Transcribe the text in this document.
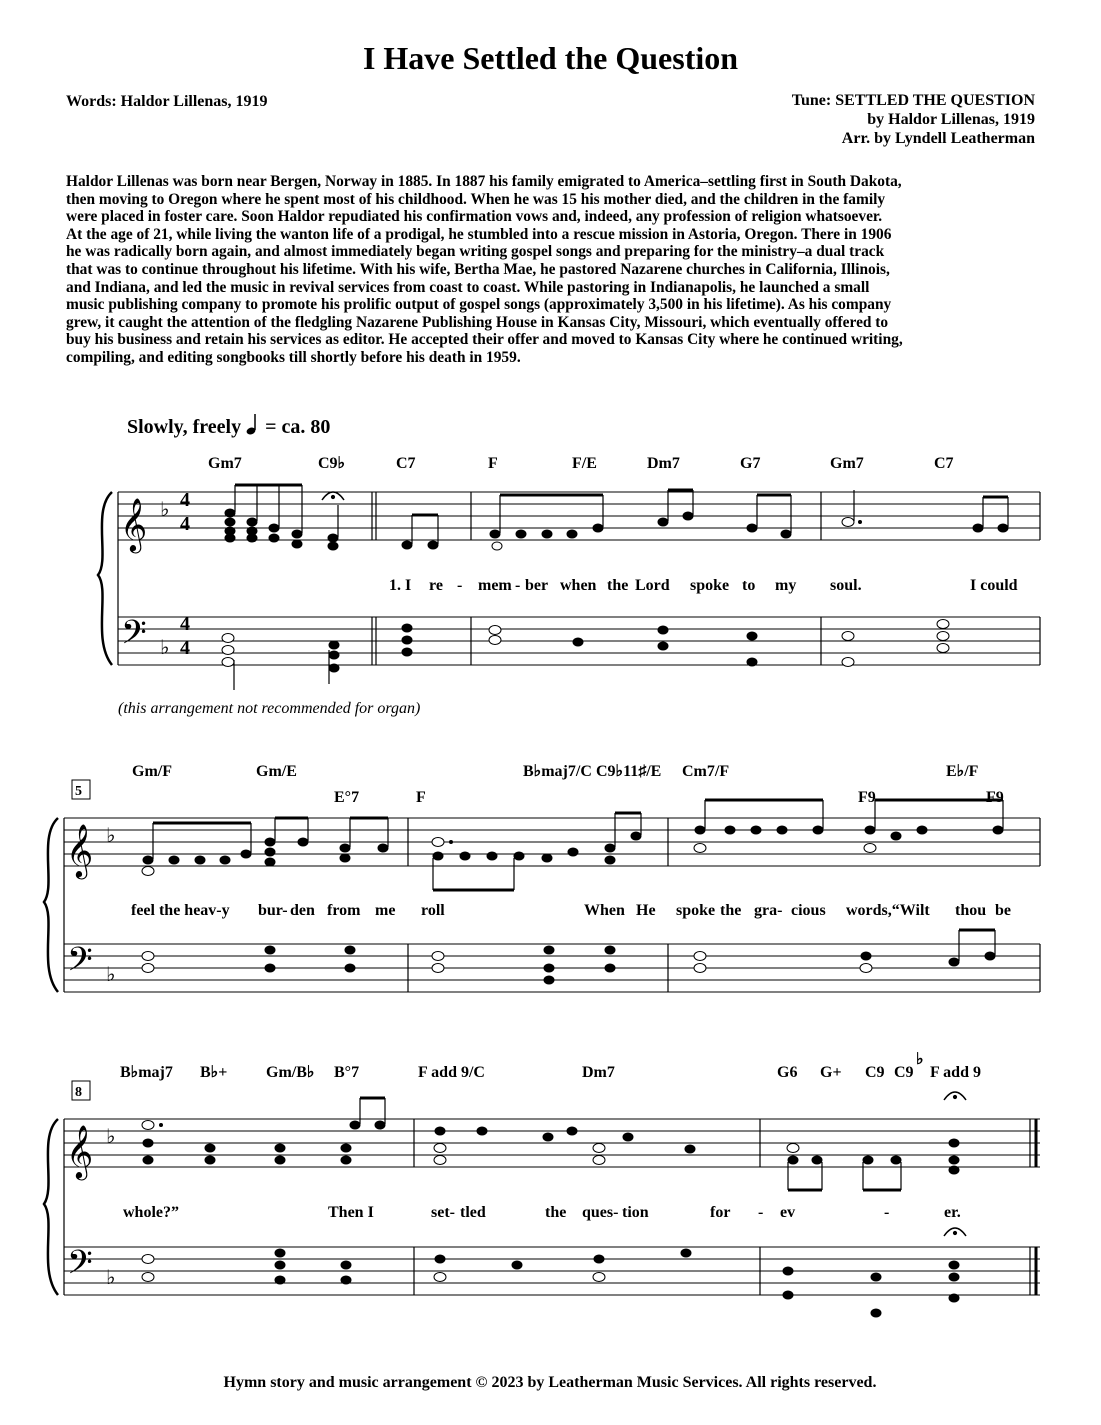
I Have Settled the Question
Words: Haldor Lillenas, 1919	Tune: SETTLED THE QUESTION
by Haldor Lillenas, 1919
Arr. by Lyndell Leatherman

Haldor Lillenas was born near Bergen, Norway in 1885. In 1887 his family emigrated to America–settling first in South Dakota,

then moving to Oregon where he spent most of his childhood. When he was 15 his mother died, and the children in the family

were placed in foster care. Soon Haldor repudiated his confirmation vows and, indeed, any profession of religion whatsoever.

At the age of 21, while living the wanton life of a prodigal, he stumbled into a rescue mission in Astoria, Oregon. There in 1906

he was radically born again, and almost immediately began writing gospel songs and preparing for the ministry–a dual track

that was to continue throughout his lifetime. With his wife, Bertha Mae, he pastored Nazarene churches in California, Illinois,

and Indiana, and led the music in revival services from coast to coast. While pastoring in Indianapolis, he launched a small

music publishing company to promote his prolific output of gospel songs (approximately 3,500 in his lifetime). As his company

grew, it caught the attention of the fledgling Nazarene Publishing House in Kansas City, Missouri, which eventually offered to

buy his business and retain his services as editor. He accepted their offer and moved to Kansas City where he continued writing,

compiling, and editing songbooks till shortly before his death in 1959.

Slowly, freely = ca. 80
(this arrangement not recommended for organ)
𝄞
𝄢
♭
♭
4
4
4
4
Gm7	C9♭	C7	F	F/E	Dm7	G7	Gm7	C7
1. I re - mem - ber when the Lord spoke to my soul.	I could
5
𝄞
𝄢
♭
♭
Gm/F	Gm/E
E°7	F
B♭maj7/C C9♭11♯/E Cm7/F
F9
E♭/F
F9
feel the heav-y bur- den from me roll	When He spoke the gra- cious words,“Wilt thou be
8
𝄞
𝄢
♭
♭
B♭maj7 B♭+ Gm/B♭ B°7	F add 9/C	Dm7	G6 G+ C9 C9
♭
F add 9
whole?”	Then I	set- tled	the ques- tion	for - ev	-	er.
Hymn story and music arrangement © 2023 by Leatherman Music Services. All rights reserved.
